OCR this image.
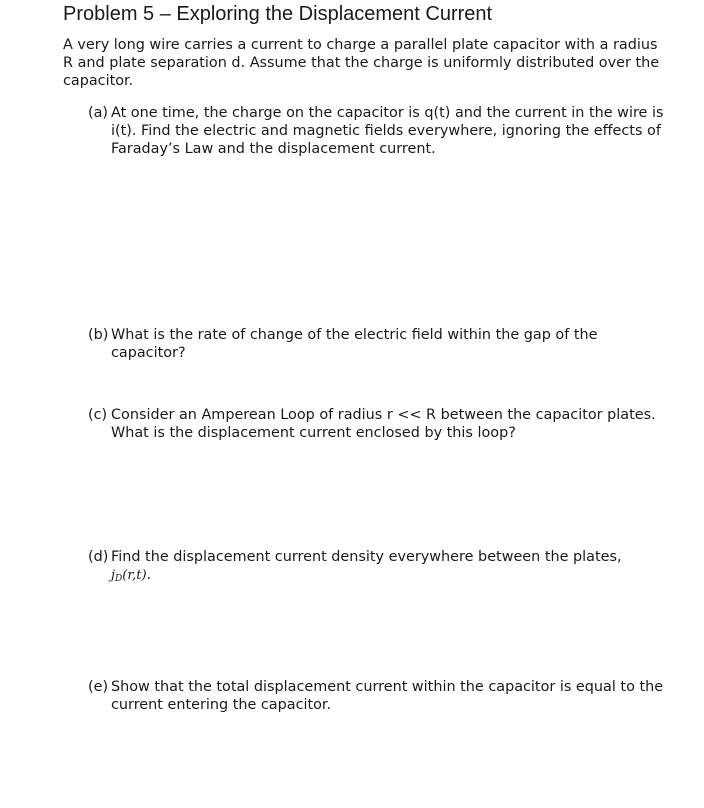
Problem 5 – Exploring the Displacement Current

A very long wire carries a current to charge a parallel plate capacitor with a radius
R and plate separation d. Assume that the charge is uniformly distributed over the
capacitor.

(a) At one time, the charge on the capacitor is q(t) and the current in the wire is
i(t). Find the electric and magnetic fields everywhere, ignoring the effects of
Faraday’s Law and the displacement current.
(b) What is the rate of change of the electric field within the gap of the
capacitor?
(c) Consider an Amperean Loop of radius r << R between the capacitor plates.
What is the displacement current enclosed by this loop?
(d) Find the displacement current density everywhere between the plates,
$j_D(r,t)$.
(e) Show that the total displacement current within the capacitor is equal to the
current entering the capacitor.
